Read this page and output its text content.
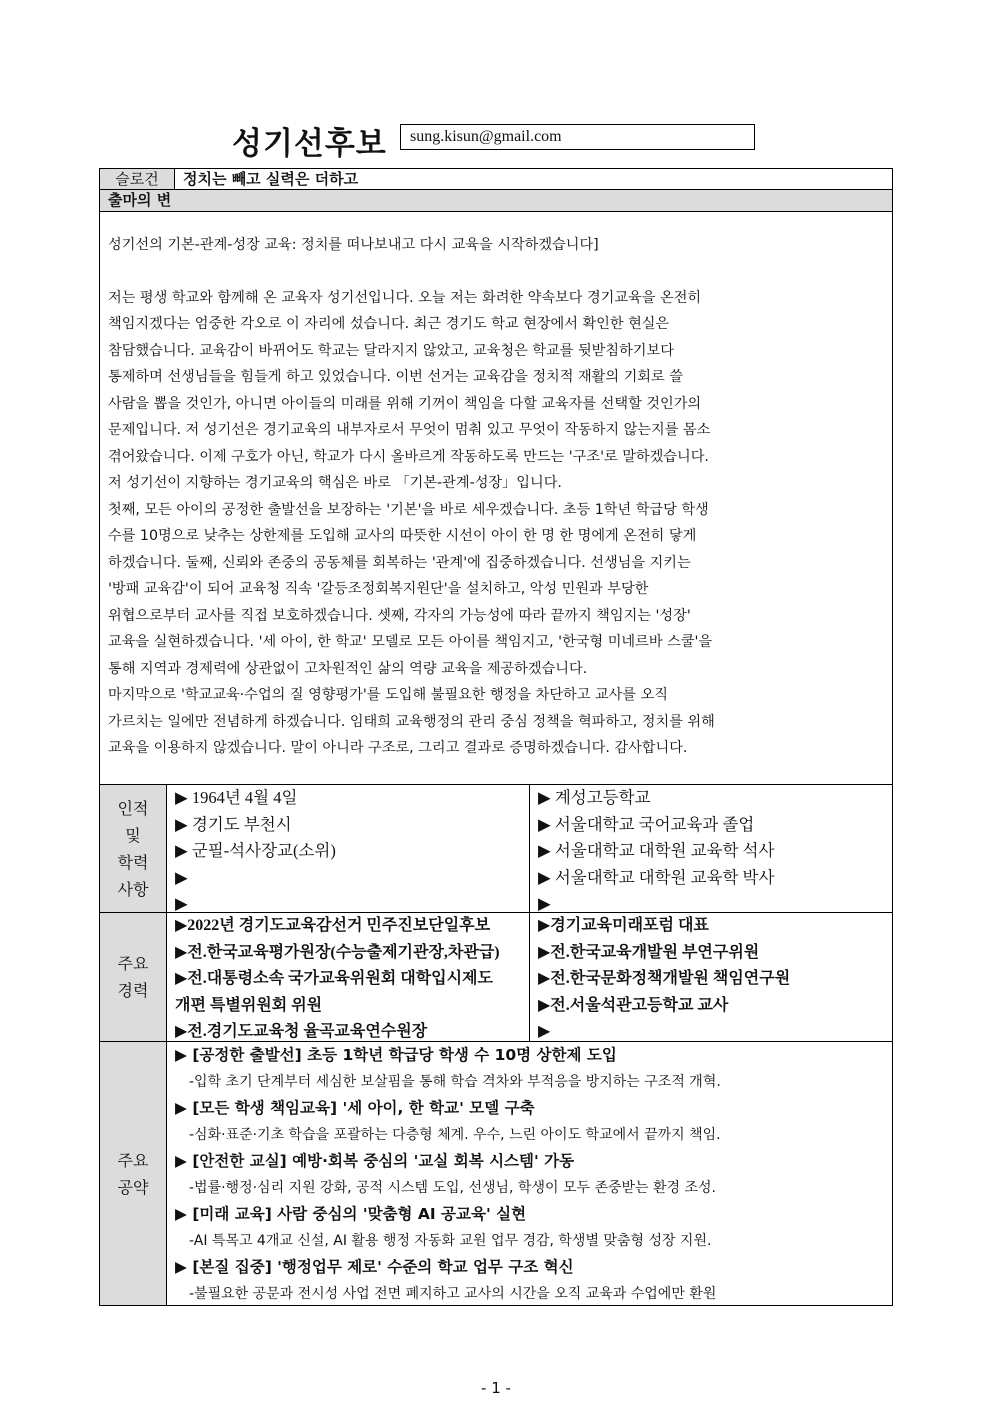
성기선후보	sung.kisun@gmail.com
슬로건	정치는 빼고 실력은 더하고
출마의 변

성기선의 기본-관계-성장 교육: 정치를 떠나보내고 다시 교육을 시작하겠습니다]

저는 평생 학교와 함께해 온 교육자 성기선입니다. 오늘 저는 화려한 약속보다 경기교육을 온전히

책임지겠다는 엄중한 각오로 이 자리에 섰습니다. 최근 경기도 학교 현장에서 확인한 현실은

참담했습니다. 교육감이 바뀌어도 학교는 달라지지 않았고, 교육청은 학교를 뒷받침하기보다

통제하며 선생님들을 힘들게 하고 있었습니다. 이번 선거는 교육감을 정치적 재활의 기회로 쓸

사람을 뽑을 것인가, 아니면 아이들의 미래를 위해 기꺼이 책임을 다할 교육자를 선택할 것인가의

문제입니다. 저 성기선은 경기교육의 내부자로서 무엇이 멈춰 있고 무엇이 작동하지 않는지를 몸소

겪어왔습니다. 이제 구호가 아닌, 학교가 다시 올바르게 작동하도록 만드는 '구조'로 말하겠습니다.

저 성기선이 지향하는 경기교육의 핵심은 바로 「기본-관계-성장」입니다.

첫째, 모든 아이의 공정한 출발선을 보장하는 '기본'을 바로 세우겠습니다. 초등 1학년 학급당 학생

수를 10명으로 낮추는 상한제를 도입해 교사의 따뜻한 시선이 아이 한 명 한 명에게 온전히 닿게

하겠습니다. 둘째, 신뢰와 존중의 공동체를 회복하는 '관계'에 집중하겠습니다. 선생님을 지키는

'방패 교육감'이 되어 교육청 직속 '갈등조정회복지원단'을 설치하고, 악성 민원과 부당한

위협으로부터 교사를 직접 보호하겠습니다. 셋째, 각자의 가능성에 따라 끝까지 책임지는 '성장'

교육을 실현하겠습니다. '세 아이, 한 학교' 모델로 모든 아이를 책임지고, '한국형 미네르바 스쿨'을

통해 지역과 경제력에 상관없이 고차원적인 삶의 역량 교육을 제공하겠습니다.

마지막으로 '학교교육·수업의 질 영향평가'를 도입해 불필요한 행정을 차단하고 교사를 오직

가르치는 일에만 전념하게 하겠습니다. 임태희 교육행정의 관리 중심 정책을 혁파하고, 정치를 위해

교육을 이용하지 않겠습니다. 말이 아니라 구조로, 그리고 결과로 증명하겠습니다. 감사합니다.

인적
및
학력
사항
▶ 1964년 4월 4일
▶ 경기도 부천시
▶ 군필-석사장교(소위)
▶
▶
▶ 계성고등학교
▶ 서울대학교 국어교육과 졸업
▶ 서울대학교 대학원 교육학 석사
▶ 서울대학교 대학원 교육학 박사
▶
주요
경력
▶2022년 경기도교육감선거 민주진보단일후보
▶전.한국교육평가원장(수능출제기관장,차관급)
▶전.대통령소속 국가교육위원회 대학입시제도
개편 특별위원회 위원
▶전.경기도교육청 율곡교육연수원장
▶경기교육미래포럼 대표
▶전.한국교육개발원 부연구위원
▶전.한국문화정책개발원 책임연구원
▶전.서울석관고등학교 교사
▶
주요
공약
▶ [공정한 출발선] 초등 1학년 학급당 학생 수 10명 상한제 도입
-입학 초기 단계부터 세심한 보살핌을 통해 학습 격차와 부적응을 방지하는 구조적 개혁.
▶ [모든 학생 책임교육] '세 아이, 한 학교' 모델 구축
-심화·표준·기초 학습을 포괄하는 다층형 체계. 우수, 느린 아이도 학교에서 끝까지 책임.
▶ [안전한 교실] 예방·회복 중심의 '교실 회복 시스템' 가동
-법률·행정·심리 지원 강화, 공적 시스템 도입, 선생님, 학생이 모두 존중받는 환경 조성.
▶ [미래 교육] 사람 중심의 '맞춤형 AI 공교육' 실현
-AI 특목고 4개교 신설, AI 활용 행정 자동화 교원 업무 경감, 학생별 맞춤형 성장 지원.
▶ [본질 집중] '행정업무 제로' 수준의 학교 업무 구조 혁신
-불필요한 공문과 전시성 사업 전면 폐지하고 교사의 시간을 오직 교육과 수업에만 환원
- 1 -
